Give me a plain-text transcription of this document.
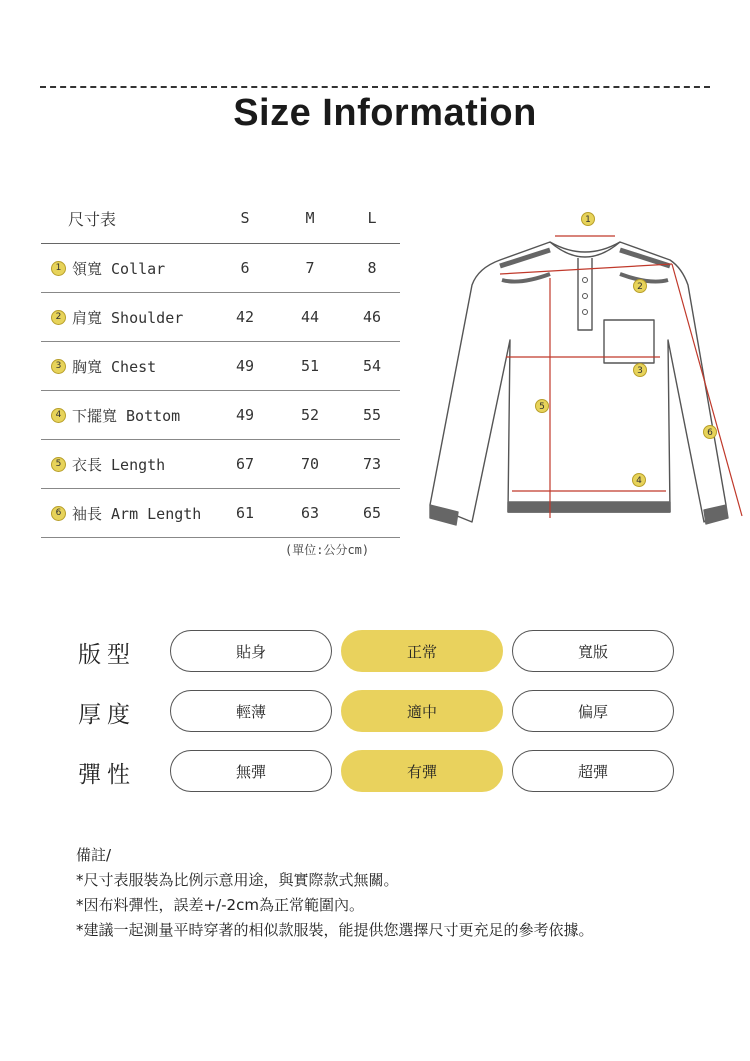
Size Information
尺寸表	S	M	L
1 領寬 Collar	6	7	8
2 肩寬 Shoulder	42	44	46
3 胸寬 Chest	49	51	54
4 下擺寬 Bottom	49	52	55
5 衣長 Length	67	70	73
6 袖長 Arm Length	61	63	65
(單位:公分cm)
1
2
3
4
5
6
版型	貼身	正常	寬版
厚度	輕薄	適中	偏厚
彈性	無彈	有彈	超彈
備註/
*尺寸表服裝為比例示意用途，與實際款式無關。
*因布料彈性，誤差+/-2cm為正常範圍內。
*建議一起測量平時穿著的相似款服裝，能提供您選擇尺寸更充足的參考依據。
